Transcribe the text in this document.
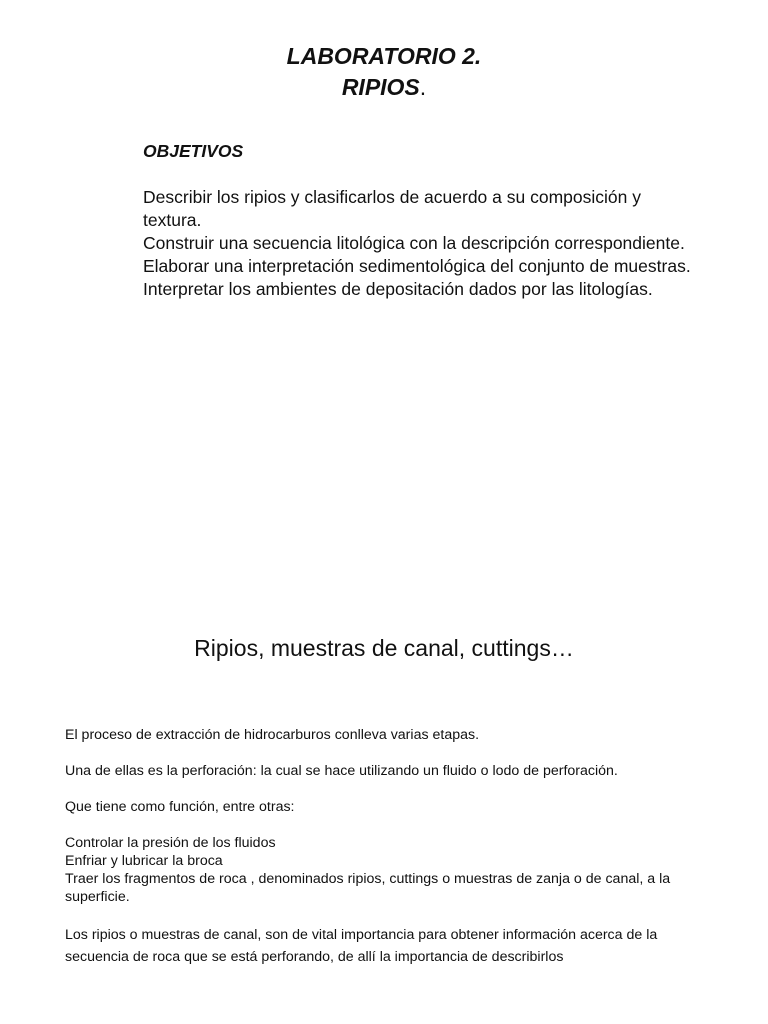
LABORATORIO 2.
RIPIOS.
OBJETIVOS

Describir los ripios y clasificarlos de acuerdo a su composición y textura.

Construir una secuencia litológica con la descripción correspondiente.

Elaborar una interpretación sedimentológica del conjunto de muestras.

Interpretar los ambientes de depositación dados por las litologías.

Ripios, muestras de canal, cuttings…

El proceso de extracción de hidrocarburos conlleva varias etapas.

Una de ellas es la perforación: la cual se hace utilizando un fluido o lodo de perforación.

Que tiene como función, entre otras:

Controlar la presión de los fluidos
Enfriar y lubricar la broca
Traer los fragmentos de roca , denominados ripios, cuttings o muestras de zanja o de canal, a la superficie.

Los ripios o muestras de canal, son de vital importancia para obtener información acerca de la secuencia de roca que se está perforando, de allí la importancia de describirlos
